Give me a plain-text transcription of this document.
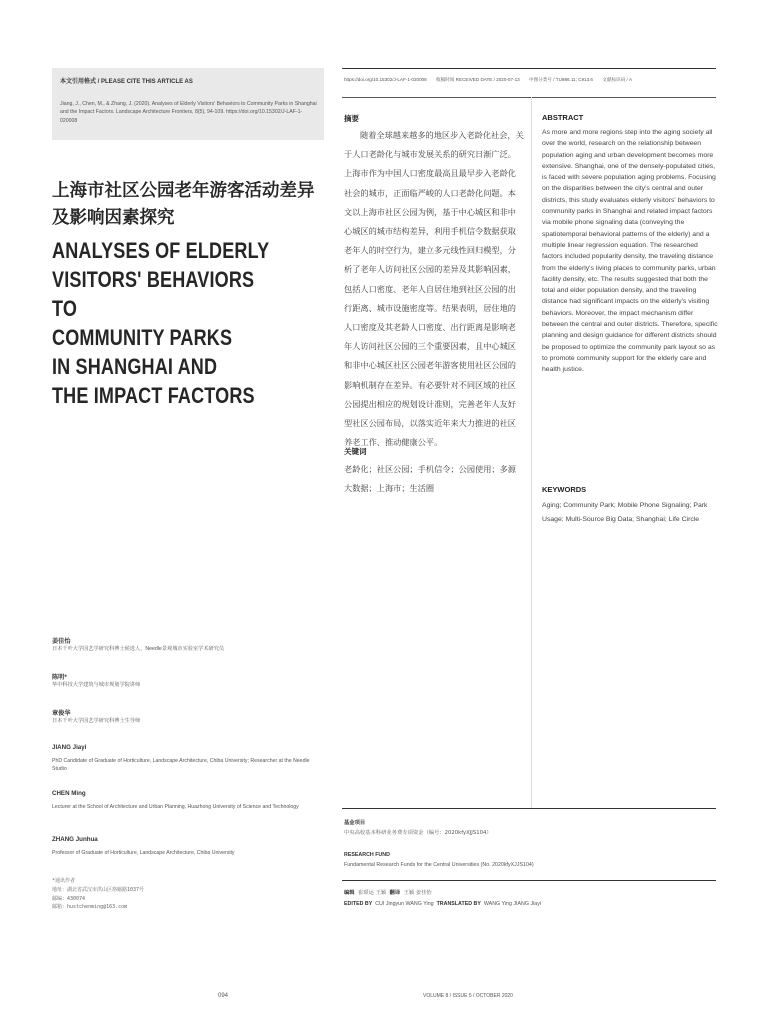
本文引用格式 / PLEASE CITE THIS ARTICLE AS
Jiang, J., Chen, M., & Zhang, J. (2020). Analyses of Elderly Visitors' Behaviors to Community Parks in Shanghai and the Impact Factors. Landscape Architecture Frontiers, 8(5), 94-109. https://doi.org/10.15302/J-LAF-1-020008
上海市社区公园老年游客活动差异及影响因素探究
ANALYSES OF ELDERLY
VISITORS' BEHAVIORS TO
COMMUNITY PARKS
IN SHANGHAI AND
THE IMPACT FACTORS
姜佳怡
日本千叶大学园艺学研究科博士候选人，Needle景观城市实验室学术研究员
陈明*
华中科技大学建筑与城市规划学院讲师
章俊华
日本千叶大学园艺学研究科博士生导师
JIANG Jiayi
PhD Candidate of Graduate of Horticulture, Landscape Architecture, Chiba University; Researcher at the Needle Studio
CHEN Ming
Lecturer at the School of Architecture and Urban Planning, Huazhong University of Science and Technology
ZHANG Junhua
Professor of Graduate of Horticulture, Landscape Architecture, Chiba University
*通讯作者
地址：湖北省武汉市洪山区珞喻路1037号
邮编：430074
邮箱：hustchenming@163.com
https://doi.org/10.15302/J-LAF-1-020008 收稿时间 RECEIVED DATE / 2020-07-13 中图分类号 / TU986.11; C913.6 文献标识码 / A
摘要
随着全球越来越多的地区步入老龄化社会，关于人口老龄化与城市发展关系的研究日渐广泛。上海市作为中国人口密度最高且最早步入老龄化社会的城市，正面临严峻的人口老龄化问题。本文以上海市社区公园为例，基于中心城区和非中心城区的城市结构差异，利用手机信令数据获取老年人的时空行为，建立多元线性回归模型，分析了老年人访问社区公园的差异及其影响因素，包括人口密度、老年人自居住地到社区公园的出行距离、城市设施密度等。结果表明，居住地的人口密度及其老龄人口密度、出行距离是影响老年人访问社区公园的三个重要因素，且中心城区和非中心城区社区公园老年游客使用社区公园的影响机制存在差异。有必要针对不同区域的社区公园提出相应的规划设计准则，完善老年人友好型社区公园布局，以落实近年来大力推进的社区养老工作、推动健康公平。
关键词
老龄化；社区公园；手机信令；公园使用；多源大数据；上海市；生活圈
ABSTRACT
As more and more regions step into the aging society all over the world, research on the relationship between population aging and urban development becomes more extensive. Shanghai, one of the densely-populated cities, is faced with severe population aging problems. Focusing on the disparities between the city's central and outer districts, this study evaluates elderly visitors' behaviors to community parks in Shanghai and related impact factors via mobile phone signaling data (conveying the spatiotemporal behavioral patterns of the elderly) and a multiple linear regression equation. The researched factors included popularity density, the traveling distance from the elderly's living places to community parks, urban facility density, etc. The results suggested that both the total and elder population density, and the traveling distance had significant impacts on the elderly's visiting behaviors. Moreover, the impact mechanism differ between the central and outer districts. Therefore, specific planning and design guidance for different districts should be proposed to optimize the community park layout so as to promote community support for the elderly care and health justice.
KEYWORDS
Aging; Community Park; Mobile Phone Signaling; Park Usage; Multi-Source Big Data; Shanghai; Life Circle
基金项目
中央高校基本科研业务费专项资金（编号：2020kfyXJJS104）
RESEARCH FUND
Fundamental Research Funds for the Central Universities (No. 2020kfyXJJS104)
编辑 崔璟运 王颖 翻译 王颖 姜佳怡
EDITED BY CUI Jingyun WANG Ying TRANSLATED BY WANG Ying JIANG Jiayi
094	VOLUME 8 / ISSUE 5 / OCTOBER 2020
